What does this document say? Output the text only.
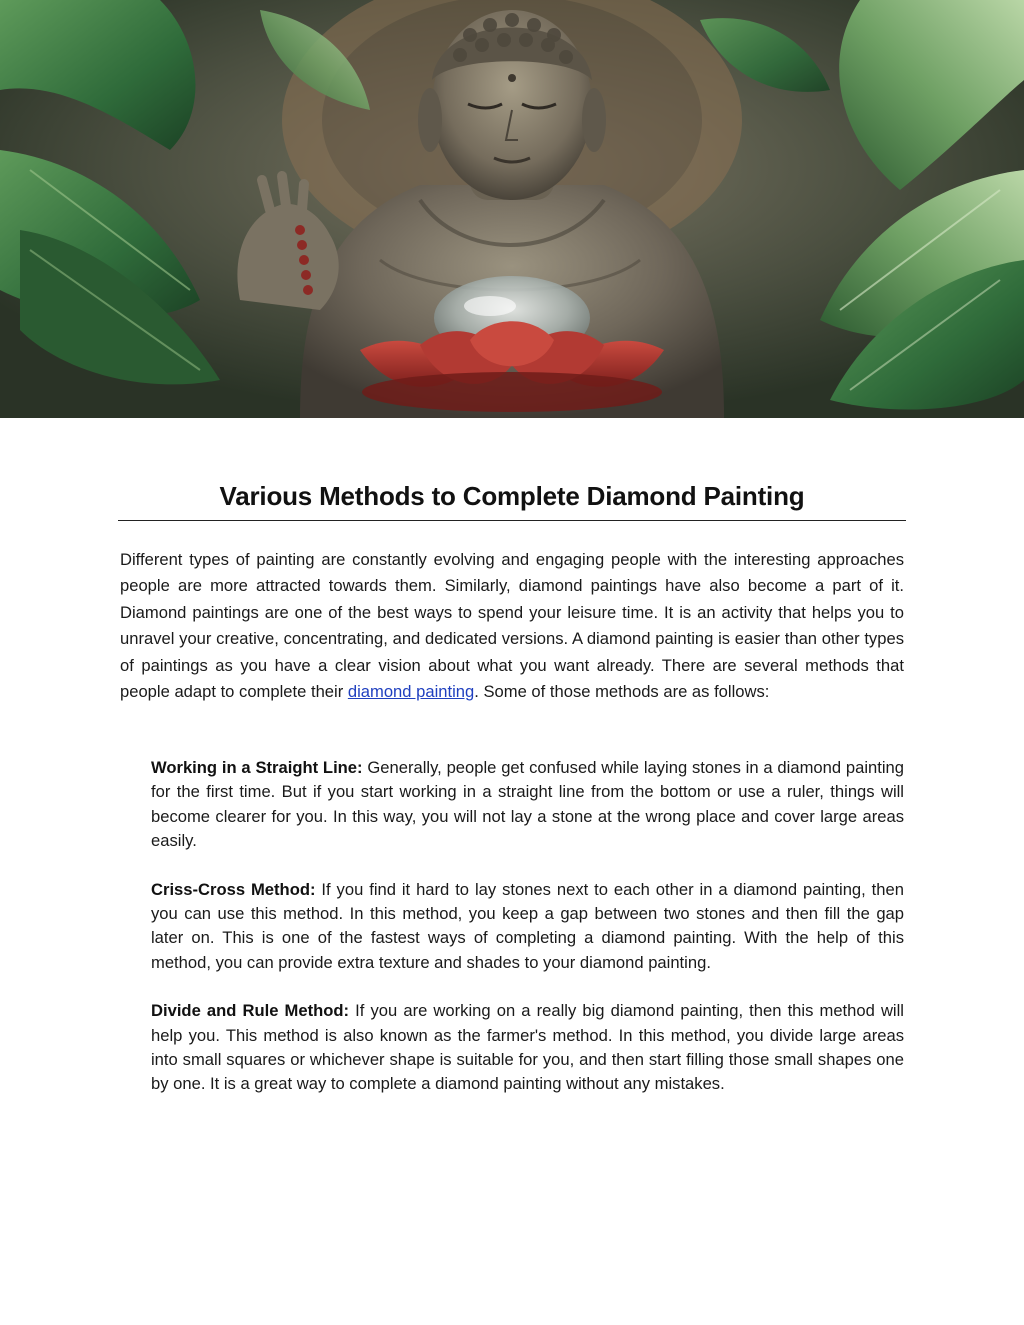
Various Methods to Complete Diamond Painting

Different types of painting are constantly evolving and engaging people with the interesting approaches people are more attracted towards them. Similarly, diamond paintings have also become a part of it. Diamond paintings are one of the best ways to spend your leisure time. It is an activity that helps you to unravel your creative, concentrating, and dedicated versions. A diamond painting is easier than other types of paintings as you have a clear vision about what you want already. There are several methods that people adapt to complete their diamond painting. Some of those methods are as follows:

Working in a Straight Line: Generally, people get confused while laying stones in a diamond painting for the first time. But if you start working in a straight line from the bottom or use a ruler, things will become clearer for you. In this way, you will not lay a stone at the wrong place and cover large areas easily.
Criss-Cross Method: If you find it hard to lay stones next to each other in a diamond painting, then you can use this method. In this method, you keep a gap between two stones and then fill the gap later on. This is one of the fastest ways of completing a diamond painting. With the help of this method, you can provide extra texture and shades to your diamond painting.
Divide and Rule Method: If you are working on a really big diamond painting, then this method will help you. This method is also known as the farmer's method. In this method, you divide large areas into small squares or whichever shape is suitable for you, and then start filling those small shapes one by one. It is a great way to complete a diamond painting without any mistakes.
